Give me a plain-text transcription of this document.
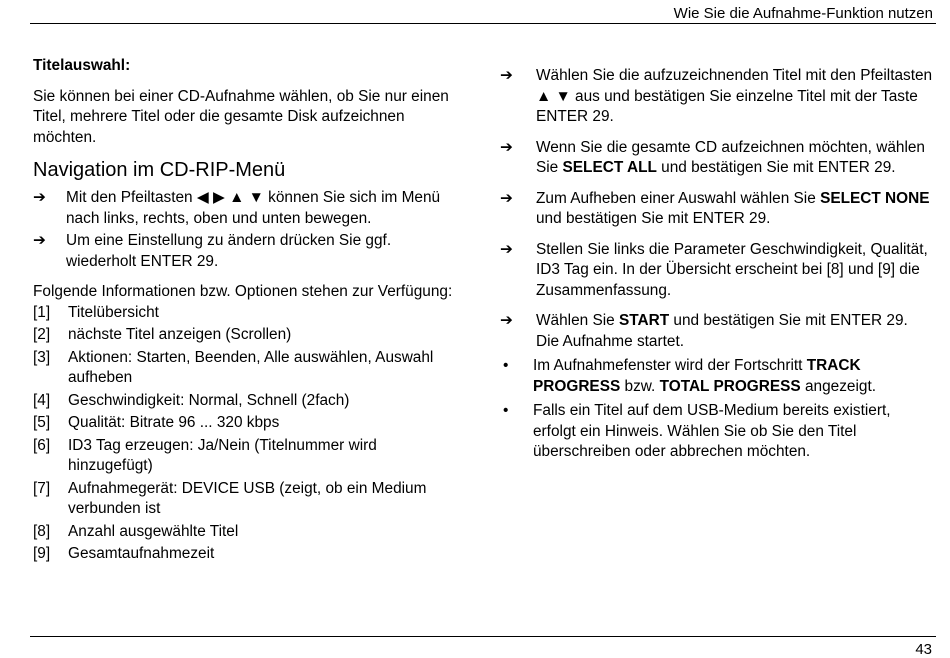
Wie Sie die Aufnahme-Funktion nutzen

Titelauswahl:

Sie können bei einer CD-Aufnahme wählen, ob Sie nur einen Titel, mehrere Titel oder die gesamte Disk aufzeichnen möchten.

Navigation im CD-RIP-Menü
➔	Mit den Pfeiltasten ◀ ▶ ▲ ▼ können Sie sich im Menü nach links, rechts, oben und unten bewegen.
➔	Um eine Einstellung zu ändern drücken Sie ggf. wiederholt ENTER 29.

Folgende Informationen bzw. Optionen stehen zur Verfügung:

[1]	Titelübersicht
[2]	nächste Titel anzeigen (Scrollen)
[3]	Aktionen: Starten, Beenden, Alle auswählen, Auswahl aufheben
[4]	Geschwindigkeit: Normal, Schnell (2fach)
[5]	Qualität: Bitrate 96 ... 320 kbps
[6]	ID3 Tag erzeugen: Ja/Nein (Titelnummer wird hinzugefügt)
[7]	Aufnahmegerät: DEVICE USB (zeigt, ob ein Medium verbunden ist
[8]	Anzahl ausgewählte Titel
[9]	Gesamtaufnahmezeit
➔	Wählen Sie die aufzuzeichnenden Titel mit den Pfeiltasten ▲ ▼ aus und bestätigen Sie einzelne Titel mit der Taste ENTER 29.
➔	Wenn Sie die gesamte CD aufzeichnen möchten, wählen Sie SELECT ALL und bestätigen Sie mit ENTER 29.
➔	Zum Aufheben einer Auswahl wählen Sie SELECT NONE und bestätigen Sie mit ENTER 29.
➔	Stellen Sie links die Parameter Geschwindigkeit, Qualität, ID3 Tag ein. In der Übersicht erscheint bei [8] und [9] die Zusammenfassung.
➔	Wählen Sie START und bestätigen Sie mit ENTER 29. Die Aufnahme startet.
•	Im Aufnahmefenster wird der Fortschritt TRACK PROGRESS bzw. TOTAL PROGRESS angezeigt.
•	Falls ein Titel auf dem USB-Medium bereits existiert, erfolgt ein Hinweis. Wählen Sie ob Sie den Titel überschreiben oder abbrechen möchten.
43
